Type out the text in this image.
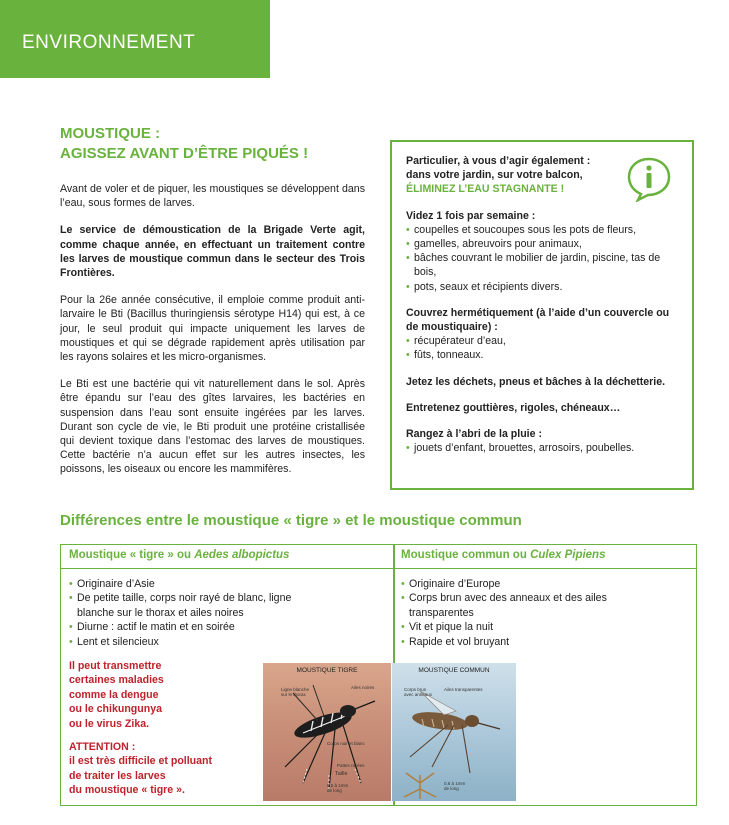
ENVIRONNEMENT
MOUSTIQUE :
AGISSEZ AVANT D’ÊTRE PIQUÉS !

Avant de voler et de piquer, les moustiques se développent dans l’eau, sous formes de larves.

Le service de démoustication de la Brigade Verte agit, comme chaque année, en effectuant un traitement contre les larves de moustique commun dans le secteur des Trois Frontières.

Pour la 26e année consécutive, il emploie comme produit anti-larvaire le Bti (Bacillus thuringiensis sérotype H14) qui est, à ce jour, le seul produit qui impacte uniquement les larves de moustiques et qui se dégrade rapidement après utilisation par les rayons solaires et les micro-organismes.

Le Bti est une bactérie qui vit naturellement dans le sol. Après être épandu sur l’eau des gîtes larvaires, les bactéries en suspension dans l’eau sont ensuite ingérées par les larves. Durant son cycle de vie, le Bti produit une protéine cristallisée qui devient toxique dans l’estomac des larves de moustiques. Cette bactérie n’a aucun effet sur les autres insectes, les poissons, les oiseaux ou encore les mammifères.

Particulier, à vous d’agir également :
dans votre jardin, sur votre balcon,
ÉLIMINEZ L’EAU STAGNANTE !
Videz 1 fois par semaine :
• coupelles et soucoupes sous les pots de fleurs,
• gamelles, abreuvoirs pour animaux,
• bâches couvrant le mobilier de jardin, piscine, tas de bois,
• pots, seaux et récipients divers.
Couvrez hermétiquement (à l’aide d’un couvercle ou de moustiquaire) :
• récupérateur d’eau,
• fûts, tonneaux.
Jetez les déchets, pneus et bâches à la déchetterie.
Entretenez gouttières, rigoles, chéneaux…
Rangez à l’abri de la pluie :
• jouets d’enfant, brouettes, arrosoirs, poubelles.
Différences entre le moustique « tigre » et le moustique commun
Moustique « tigre » ou Aedes albopictus	Moustique commun ou Culex Pipiens
• Originaire d’Asie
• De petite taille, corps noir rayé de blanc, ligne blanche sur le thorax et ailes noires
• Diurne : actif le matin et en soirée
• Lent et silencieux
• Originaire d’Europe
• Corps brun avec des anneaux et des ailes transparentes
• Vit et pique la nuit
• Rapide et vol bruyant
Il peut transmettre
certaines maladies
comme la dengue
ou le chikungunya
ou le virus Zika.
ATTENTION :
il est très difficile et polluant
de traiter les larves
du moustique « tigre ».
MOUSTIQUE TIGRE
Ligne blanche sur le thorax
Ailes noires
Corps noir et blanc
Pattes rayées
Taille
0,5 à 1mm de long
MOUSTIQUE COMMUN
Corps brun avec anneaux
Ailes transparentes
0,6 à 1mm de long
